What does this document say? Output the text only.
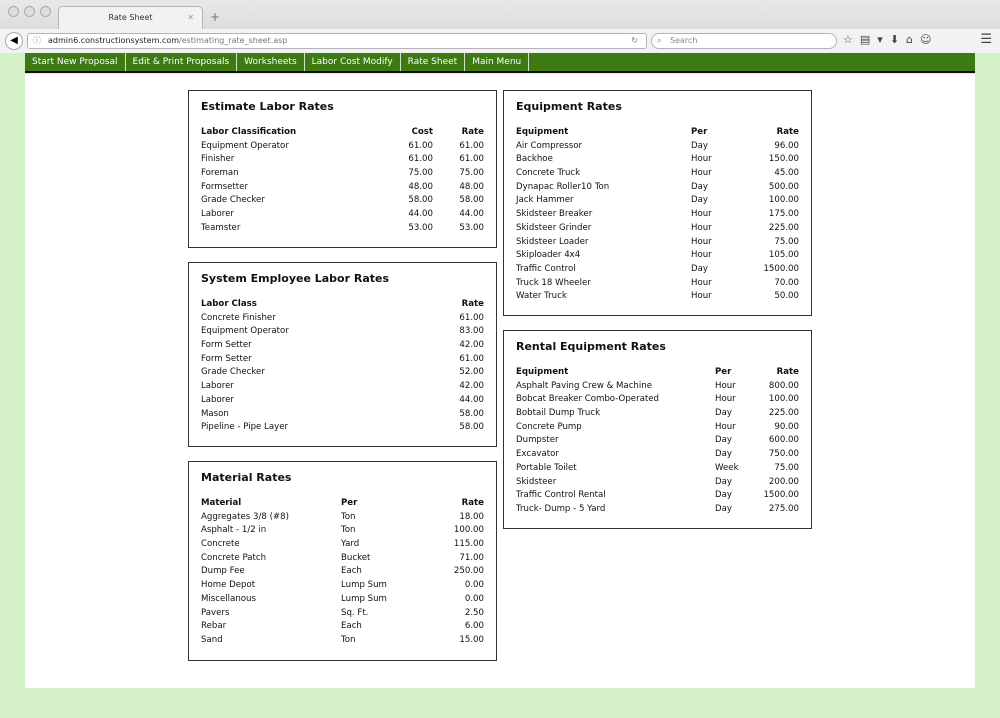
Rate Sheet	✕ +
◀	ⓘ admin6.constructionsystem.com/estimating_rate_sheet.asp	↻ ⌕ Search	☆ ▤ ▾ ⬇ ⌂ ☺	☰
Start New Proposal	Edit & Print Proposals	Worksheets	Labor Cost Modify	Rate Sheet	Main Menu
Estimate Labor Rates
Labor Classification	Cost	Rate
Equipment Operator	61.00	61.00
Finisher	61.00	61.00
Foreman	75.00	75.00
Formsetter	48.00	48.00
Grade Checker	58.00	58.00
Laborer	44.00	44.00
Teamster	53.00	53.00
System Employee Labor Rates
Labor Class	Rate
Concrete Finisher	61.00
Equipment Operator	83.00
Form Setter	42.00
Form Setter	61.00
Grade Checker	52.00
Laborer	42.00
Laborer	44.00
Mason	58.00
Pipeline - Pipe Layer	58.00
Material Rates
Material	Per	Rate
Aggregates 3/8 (#8)	Ton	18.00
Asphalt - 1/2 in	Ton	100.00
Concrete	Yard	115.00
Concrete Patch	Bucket	71.00
Dump Fee	Each	250.00
Home Depot	Lump Sum	0.00
Miscellanous	Lump Sum	0.00
Pavers	Sq. Ft.	2.50
Rebar	Each	6.00
Sand	Ton	15.00
Equipment Rates
Equipment	Per	Rate
Air Compressor	Day	96.00
Backhoe	Hour	150.00
Concrete Truck	Hour	45.00
Dynapac Roller10 Ton	Day	500.00
Jack Hammer	Day	100.00
Skidsteer Breaker	Hour	175.00
Skidsteer Grinder	Hour	225.00
Skidsteer Loader	Hour	75.00
Skiploader 4x4	Hour	105.00
Traffic Control	Day	1500.00
Truck 18 Wheeler	Hour	70.00
Water Truck	Hour	50.00
Rental Equipment Rates
Equipment	Per	Rate
Asphalt Paving Crew & Machine	Hour	800.00
Bobcat Breaker Combo-Operated	Hour	100.00
Bobtail Dump Truck	Day	225.00
Concrete Pump	Hour	90.00
Dumpster	Day	600.00
Excavator	Day	750.00
Portable Toilet	Week	75.00
Skidsteer	Day	200.00
Traffic Control Rental	Day	1500.00
Truck- Dump - 5 Yard	Day	275.00
